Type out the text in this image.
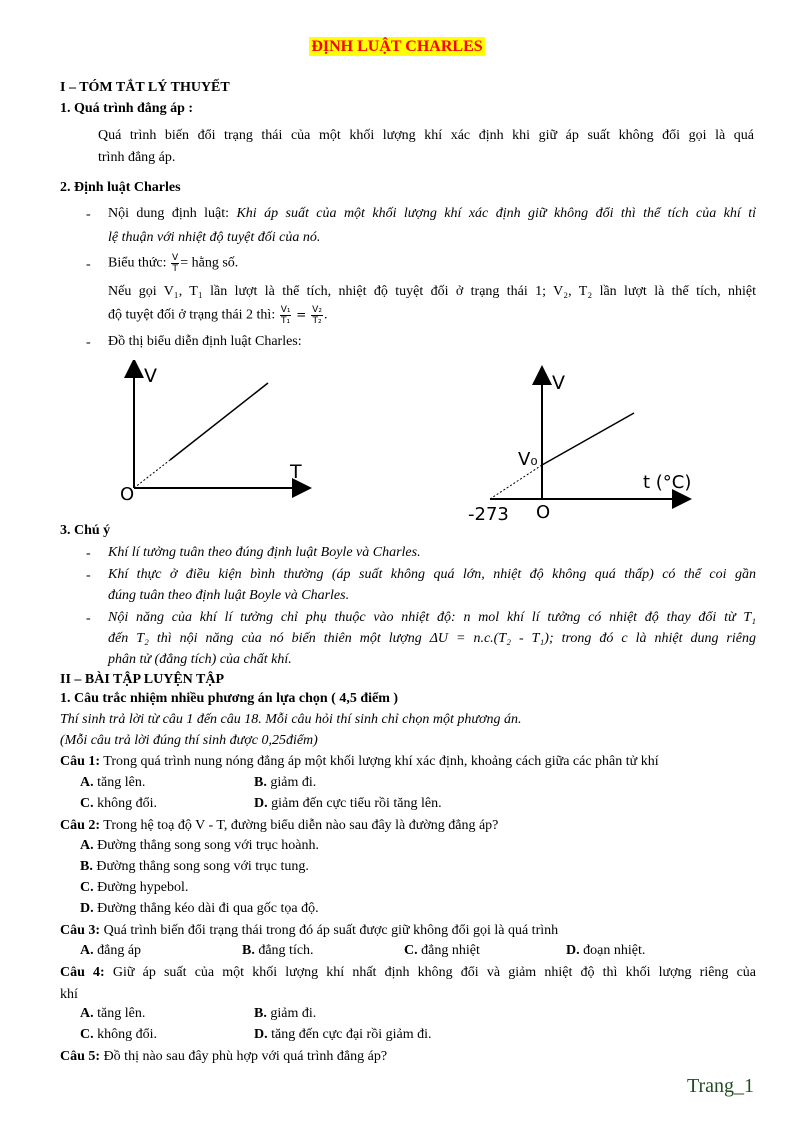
ĐỊNH LUẬT CHARLES
I – TÓM TẮT LÝ THUYẾT
1. Quá trình đẳng áp :
Quá trình biến đổi trạng thái của một khối lượng khí xác định khi giữ áp suất không đổi gọi là quá
trình đẳng áp.
2. Định luật Charles
- Nội dung định luật: Khi áp suất của một khối lượng khí xác định giữ không đổi thì thể tích của khí tỉ
lệ thuận với nhiệt độ tuyệt đối của nó.
- Biểu thức: $\frac{V}{T}$ = hằng số.
Nếu gọi V₁, T₁ lần lượt là thể tích, nhiệt độ tuyệt đối ở trạng thái 1; V₂, T₂ lần lượt là thể tích, nhiệt
độ tuyệt đối ở trạng thái 2 thì: $\frac{\text{V₁}}{\text{T₁}} = \frac{\text{V₂}}{\text{T₂}}$ .
- Đồ thị biểu diễn định luật Charles:
V
T
O
V
V₀
t (°C)
-273 O
3. Chú ý
- Khí lí tưởng tuân theo đúng định luật Boyle và Charles.
- Khí thực ở điều kiện bình thường (áp suất không quá lớn, nhiệt độ không quá thấp) có thể coi gần
đúng tuân theo định luật Boyle và Charles.
- Nội năng của khí lí tưởng chỉ phụ thuộc vào nhiệt độ: n mol khí lí tưởng có nhiệt độ thay đổi từ T₁
đến T₂ thì nội năng của nó biến thiên một lượng ΔU = n.c.(T₂ - T₁); trong đó c là nhiệt dung riêng
phân tử (đẳng tích) của chất khí.
II – BÀI TẬP LUYỆN TẬP
1. Câu trắc nhiệm nhiều phương án lựa chọn ( 4,5 điểm )
Thí sinh trả lời từ câu 1 đến câu 18. Mỗi câu hỏi thí sinh chỉ chọn một phương án.
(Mỗi câu trả lời đúng thí sinh được 0,25điểm)
Câu 1: Trong quá trình nung nóng đẳng áp một khối lượng khí xác định, khoảng cách giữa các phân tử khí
A. tăng lên.	B. giảm đi.
C. không đổi.	D. giảm đến cực tiểu rồi tăng lên.
Câu 2: Trong hệ toạ độ V - T, đường biểu diễn nào sau đây là đường đẳng áp?
A. Đường thẳng song song với trục hoành.
B. Đường thẳng song song với trục tung.
C. Đường hypebol.
D. Đường thẳng kéo dài đi qua gốc tọa độ.
Câu 3: Quá trình biến đổi trạng thái trong đó áp suất được giữ không đổi gọi là quá trình
A. đẳng áp	B. đẳng tích.	C. đẳng nhiệt	D. đoạn nhiệt.
Câu 4: Giữ áp suất của một khối lượng khí nhất định không đổi và giảm nhiệt độ thì khối lượng riêng của
khí
A. tăng lên.	B. giảm đi.
C. không đổi.	D. tăng đến cực đại rồi giảm đi.
Câu 5: Đồ thị nào sau đây phù hợp với quá trình đẳng áp?
Trang_1
